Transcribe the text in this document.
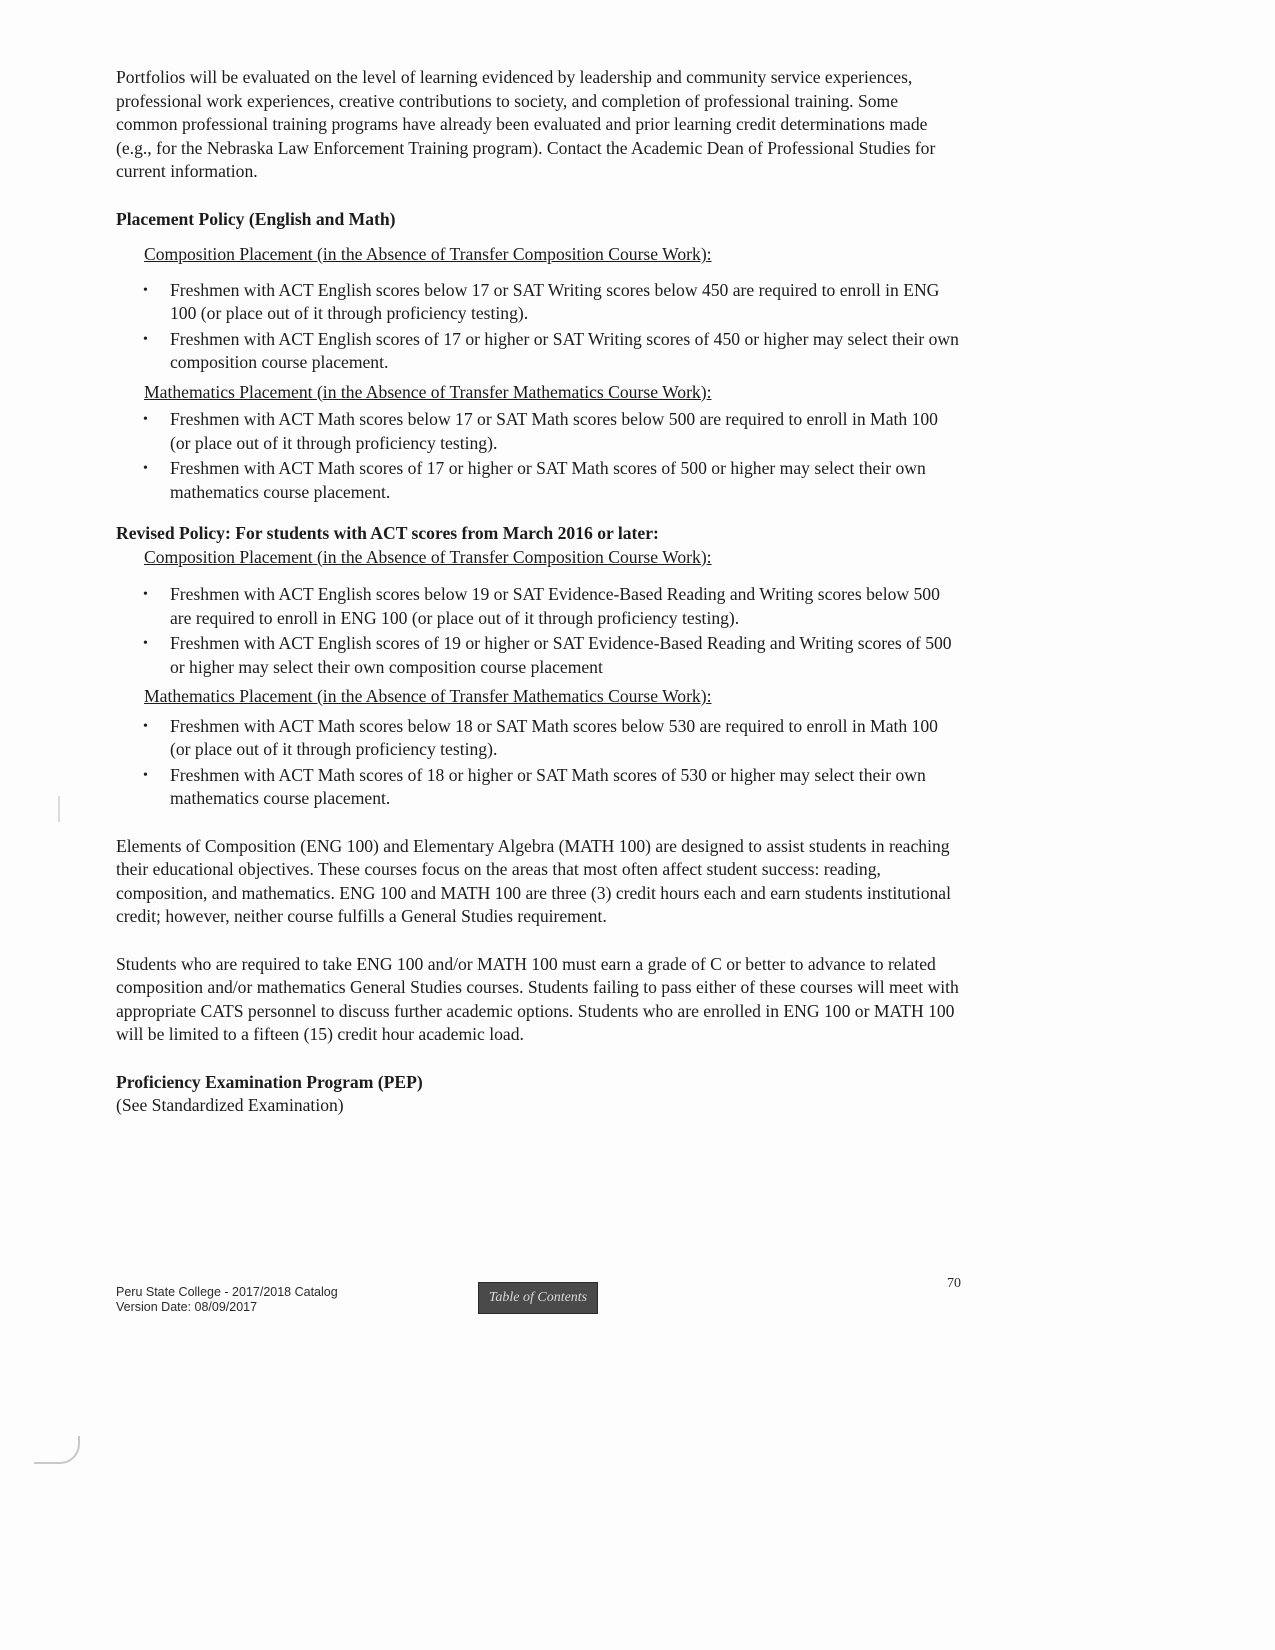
Portfolios will be evaluated on the level of learning evidenced by leadership and community service experiences, professional work experiences, creative contributions to society, and completion of professional training. Some common professional training programs have already been evaluated and prior learning credit determinations made (e.g., for the Nebraska Law Enforcement Training program). Contact the Academic Dean of Professional Studies for current information.

Placement Policy (English and Math)

Composition Placement (in the Absence of Transfer Composition Course Work):

• Freshmen with ACT English scores below 17 or SAT Writing scores below 450 are required to enroll in ENG 100 (or place out of it through proficiency testing).
• Freshmen with ACT English scores of 17 or higher or SAT Writing scores of 450 or higher may select their own composition course placement.

Mathematics Placement (in the Absence of Transfer Mathematics Course Work):

• Freshmen with ACT Math scores below 17 or SAT Math scores below 500 are required to enroll in Math 100 (or place out of it through proficiency testing).
• Freshmen with ACT Math scores of 17 or higher or SAT Math scores of 500 or higher may select their own mathematics course placement.

Revised Policy: For students with ACT scores from March 2016 or later:

Composition Placement (in the Absence of Transfer Composition Course Work):

• Freshmen with ACT English scores below 19 or SAT Evidence-Based Reading and Writing scores below 500 are required to enroll in ENG 100 (or place out of it through proficiency testing).
• Freshmen with ACT English scores of 19 or higher or SAT Evidence-Based Reading and Writing scores of 500 or higher may select their own composition course placement

Mathematics Placement (in the Absence of Transfer Mathematics Course Work):

• Freshmen with ACT Math scores below 18 or SAT Math scores below 530 are required to enroll in Math 100 (or place out of it through proficiency testing).
• Freshmen with ACT Math scores of 18 or higher or SAT Math scores of 530 or higher may select their own mathematics course placement.

Elements of Composition (ENG 100) and Elementary Algebra (MATH 100) are designed to assist students in reaching their educational objectives. These courses focus on the areas that most often affect student success: reading, composition, and mathematics. ENG 100 and MATH 100 are three (3) credit hours each and earn students institutional credit; however, neither course fulfills a General Studies requirement.

Students who are required to take ENG 100 and/or MATH 100 must earn a grade of C or better to advance to related composition and/or mathematics General Studies courses. Students failing to pass either of these courses will meet with appropriate CATS personnel to discuss further academic options. Students who are enrolled in ENG 100 or MATH 100 will be limited to a fifteen (15) credit hour academic load.

Proficiency Examination Program (PEP)

(See Standardized Examination)

Peru State College - 2017/2018 Catalog
Version Date: 08/09/2017
Table of Contents
70
